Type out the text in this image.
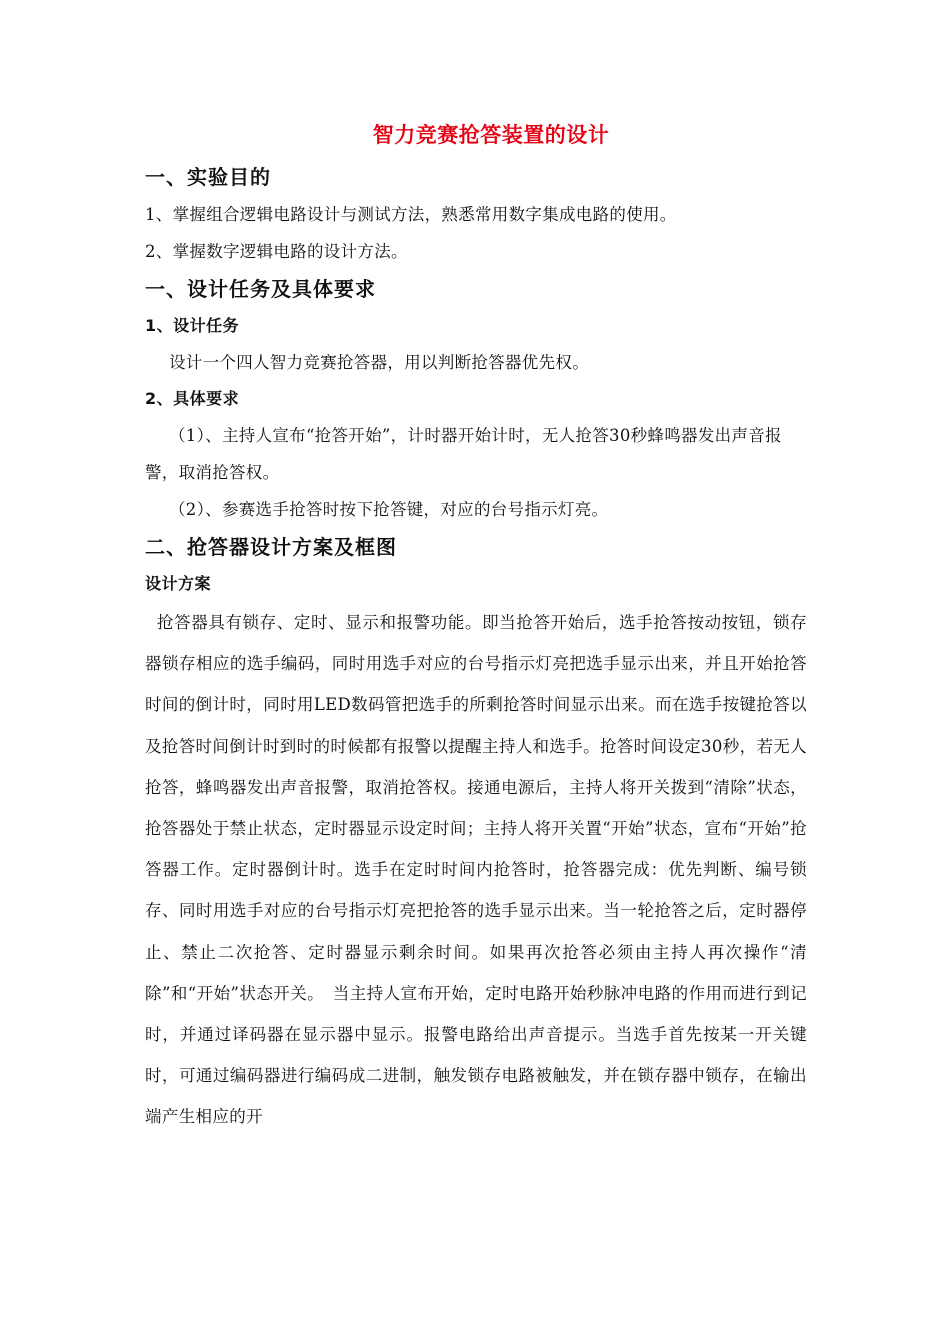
智力竞赛抢答装置的设计
一、实验目的
1、掌握组合逻辑电路设计与测试方法，熟悉常用数字集成电路的使用。
2、掌握数字逻辑电路的设计方法。
一、设计任务及具体要求
1、设计任务
设计一个四人智力竞赛抢答器，用以判断抢答器优先权。
2、具体要求
（1）、主持人宣布“抢答开始”，计时器开始计时，无人抢答30秒蜂鸣器发出声音报警，取消抢答权。
（2）、参赛选手抢答时按下抢答键，对应的台号指示灯亮。
二、抢答器设计方案及框图
设计方案
抢答器具有锁存、定时、显示和报警功能。即当抢答开始后，选手抢答按动按钮，锁存器锁存相应的选手编码，同时用选手对应的台号指示灯亮把选手显示出来，并且开始抢答时间的倒计时，同时用LED数码管把选手的所剩抢答时间显示出来。而在选手按键抢答以及抢答时间倒计时到时的时候都有报警以提醒主持人和选手。抢答时间设定30秒，若无人抢答，蜂鸣器发出声音报警，取消抢答权。接通电源后，主持人将开关拨到“清除”状态，抢答器处于禁止状态，定时器显示设定时间；主持人将开关置“开始”状态，宣布“开始”抢答器工作。定时器倒计时。选手在定时时间内抢答时，抢答器完成：优先判断、编号锁存、同时用选手对应的台号指示灯亮把抢答的选手显示出来。当一轮抢答之后，定时器停止、禁止二次抢答、定时器显示剩余时间。如果再次抢答必须由主持人再次操作“清除”和“开始”状态开关。　当主持人宣布开始，定时电路开始秒脉冲电路的作用而进行到记时，并通过译码器在显示器中显示。报警电路给出声音提示。当选手首先按某一开关键时，可通过编码器进行编码成二进制，触发锁存电路被触发，并在锁存器中锁存，在输出端产生相应的开
